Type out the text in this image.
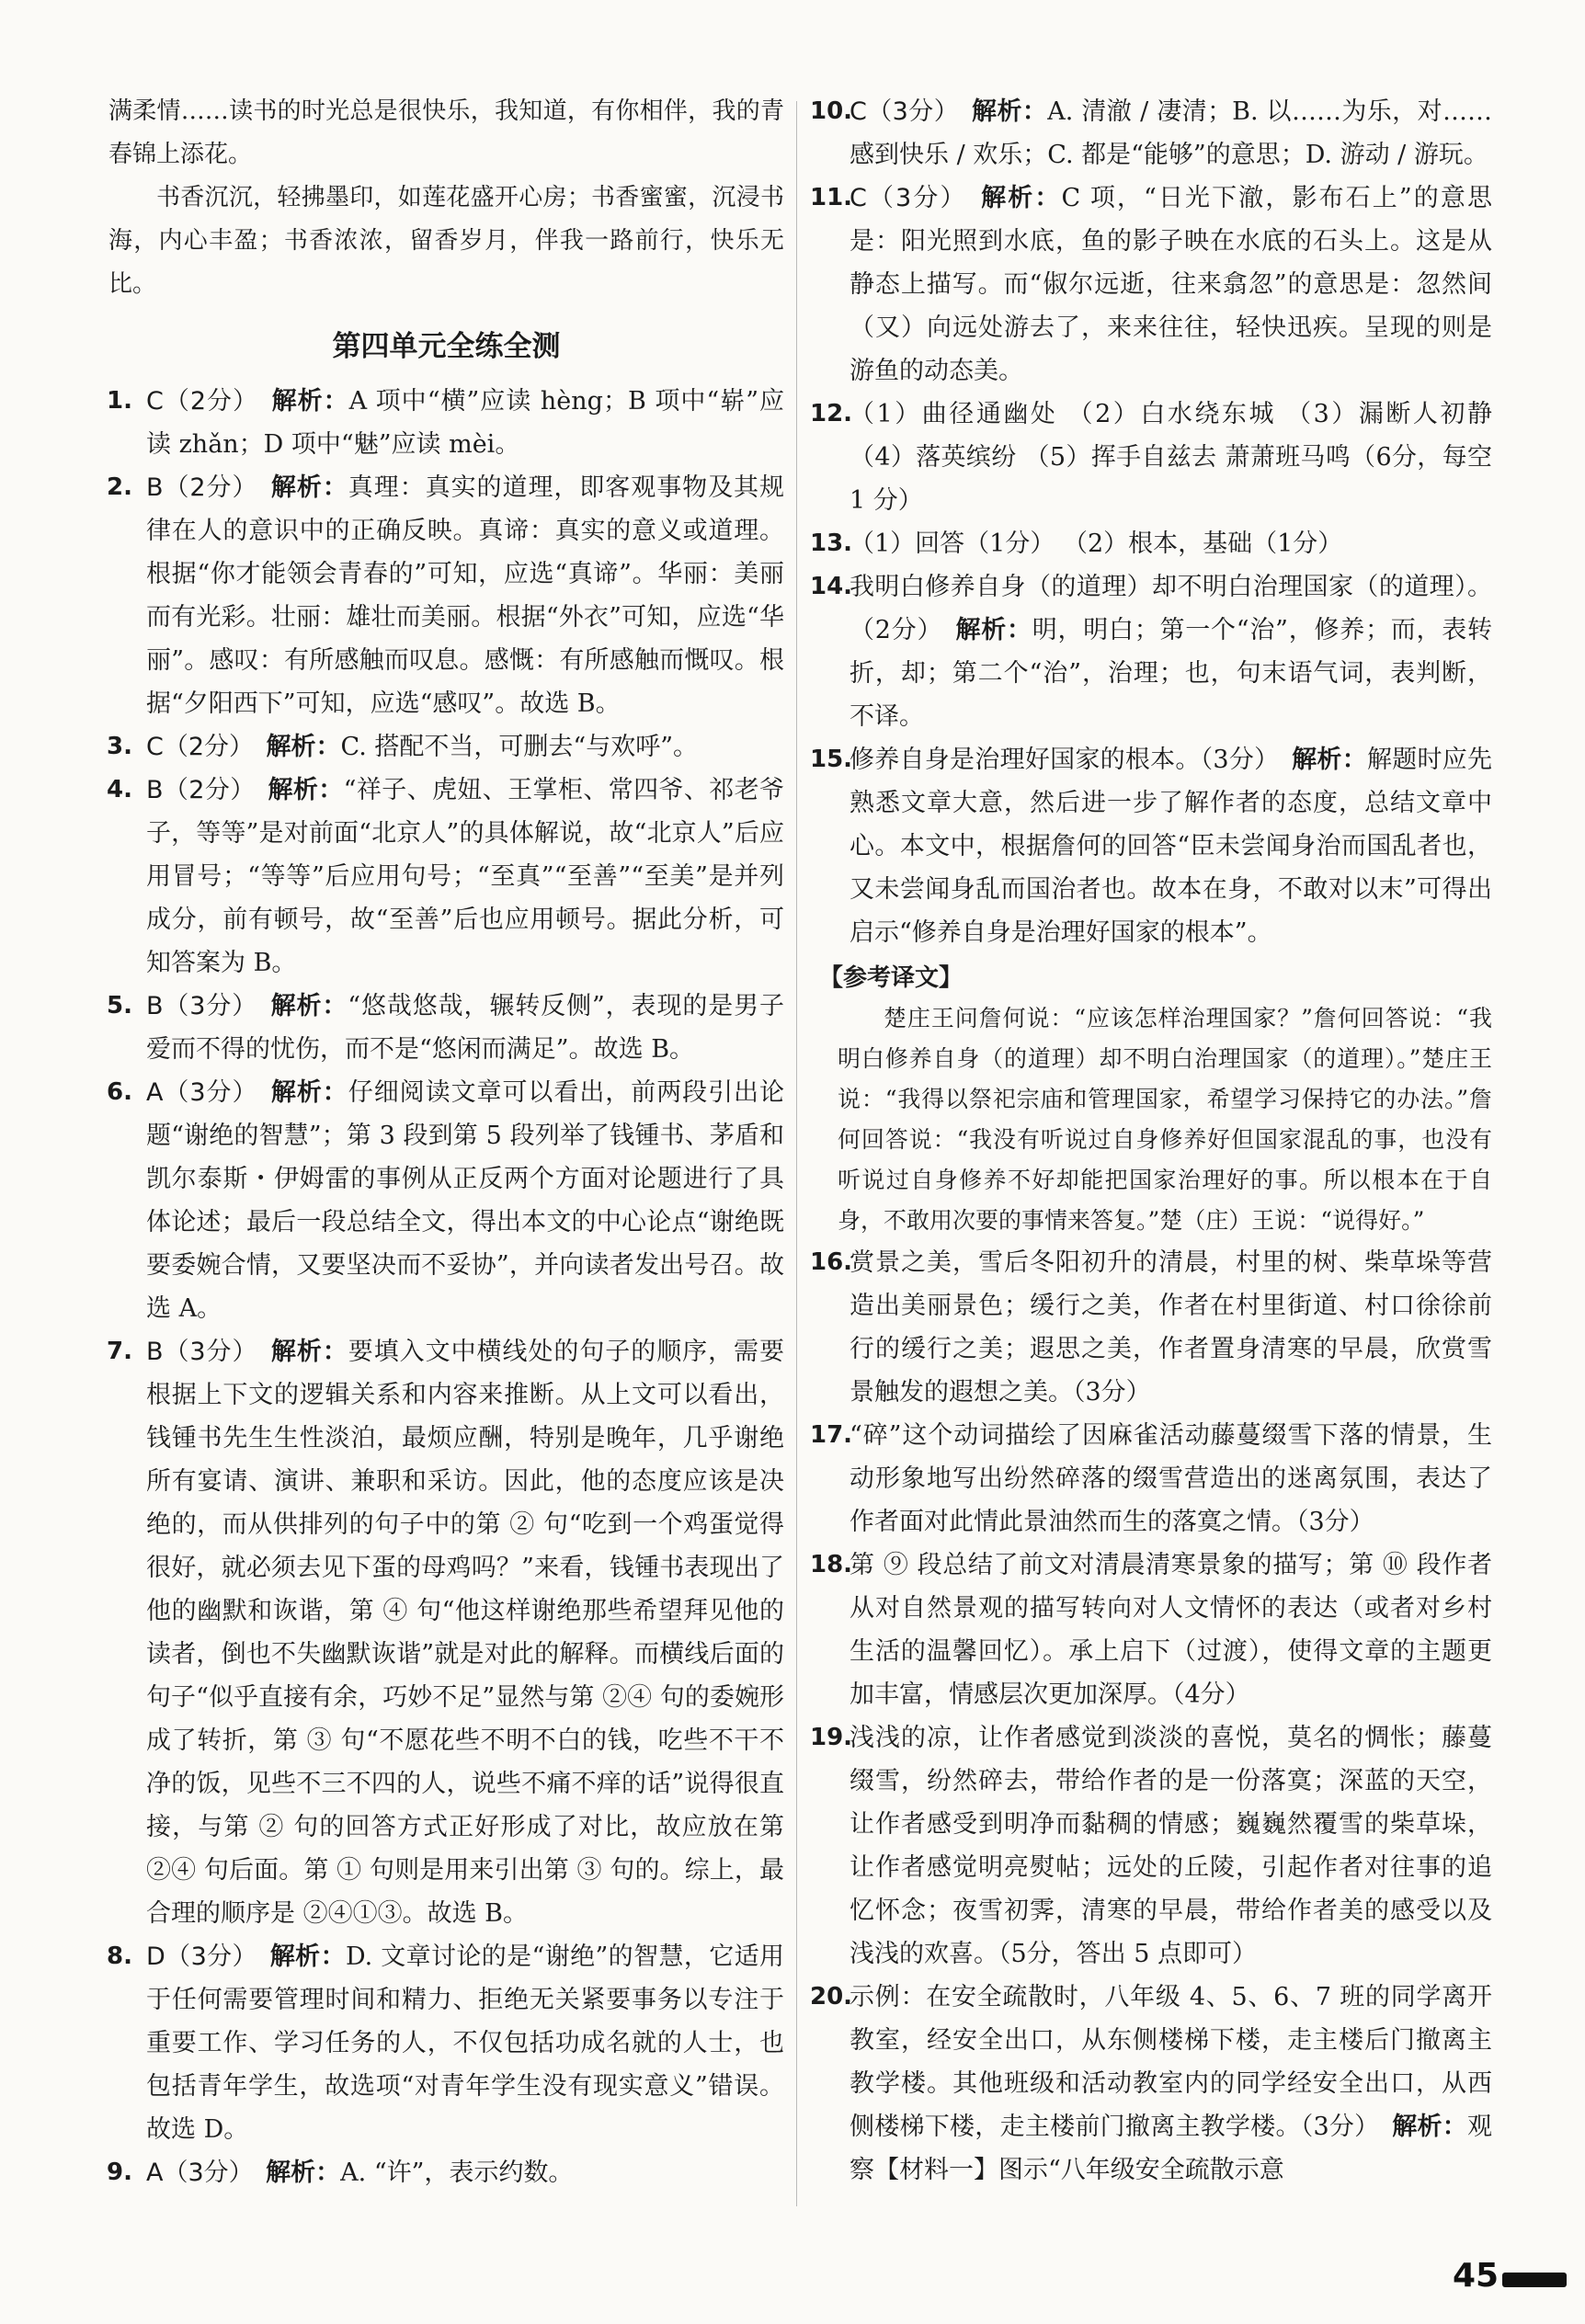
满柔情……读书的时光总是很快乐，我知道，有你相伴，我的青春锦上添花。

书香沉沉，轻拂墨印，如莲花盛开心房；书香蜜蜜，沉浸书海，内心丰盈；书香浓浓，留香岁月，伴我一路前行，快乐无比。

第四单元全练全测

1. C（2分）  解析：A 项中“横”应读 hèng；B 项中“崭”应读 zhǎn；D 项中“魅”应读 mèi。

2. B（2分）  解析：真理：真实的道理，即客观事物及其规律在人的意识中的正确反映。真谛：真实的意义或道理。根据“你才能领会青春的”可知，应选“真谛”。华丽：美丽而有光彩。壮丽：雄壮而美丽。根据“外衣”可知，应选“华丽”。感叹：有所感触而叹息。感慨：有所感触而慨叹。根据“夕阳西下”可知，应选“感叹”。故选 B。

3. C（2分）  解析：C. 搭配不当，可删去“与欢呼”。

4. B（2分）  解析：“祥子、虎妞、王掌柜、常四爷、祁老爷子，等等”是对前面“北京人”的具体解说，故“北京人”后应用冒号；“等等”后应用句号；“至真”“至善”“至美”是并列成分，前有顿号，故“至善”后也应用顿号。据此分析，可知答案为 B。

5. B（3分）  解析：“悠哉悠哉，辗转反侧”，表现的是男子爱而不得的忧伤，而不是“悠闲而满足”。故选 B。

6. A（3分）  解析：仔细阅读文章可以看出，前两段引出论题“谢绝的智慧”；第 3 段到第 5 段列举了钱锺书、茅盾和凯尔泰斯・伊姆雷的事例从正反两个方面对论题进行了具体论述；最后一段总结全文，得出本文的中心论点“谢绝既要委婉合情，又要坚决而不妥协”，并向读者发出号召。故选 A。

7. B（3分）  解析：要填入文中横线处的句子的顺序，需要根据上下文的逻辑关系和内容来推断。从上文可以看出，钱锺书先生生性淡泊，最烦应酬，特别是晚年，几乎谢绝所有宴请、演讲、兼职和采访。因此，他的态度应该是决绝的，而从供排列的句子中的第 ② 句“吃到一个鸡蛋觉得很好，就必须去见下蛋的母鸡吗？”来看，钱锺书表现出了他的幽默和诙谐，第 ④ 句“他这样谢绝那些希望拜见他的读者，倒也不失幽默诙谐”就是对此的解释。而横线后面的句子“似乎直接有余，巧妙不足”显然与第 ②④ 句的委婉形成了转折，第 ③ 句“不愿花些不明不白的钱，吃些不干不净的饭，见些不三不四的人，说些不痛不痒的话”说得很直接，与第 ② 句的回答方式正好形成了对比，故应放在第 ②④ 句后面。第 ① 句则是用来引出第 ③ 句的。综上，最合理的顺序是 ②④①③。故选 B。

8. D（3分）  解析：D. 文章讨论的是“谢绝”的智慧，它适用于任何需要管理时间和精力、拒绝无关紧要事务以专注于重要工作、学习任务的人，不仅包括功成名就的人士，也包括青年学生，故选项“对青年学生没有现实意义”错误。故选 D。

9. A（3分）  解析：A. “许”，表示约数。

10.
C（3分）  解析：A. 清澈 / 凄清；B. 以……为乐，对……感到快乐 / 欢乐；C. 都是“能够”的意思；D. 游动 / 游玩。

11.
C（3分）  解析：C 项，“日光下澈，影布石上”的意思是：阳光照到水底，鱼的影子映在水底的石头上。这是从静态上描写。而“俶尔远逝，往来翕忽”的意思是：忽然间（又）向远处游去了，来来往往，轻快迅疾。呈现的则是游鱼的动态美。

12.
（1）曲径通幽处 （2）白水绕东城 （3）漏断人初静 （4）落英缤纷 （5）挥手自兹去 萧萧班马鸣（6分，每空 1 分）

13.
（1）回答（1分） （2）根本，基础（1分）

14.
我明白修养自身（的道理）却不明白治理国家（的道理）。（2分）  解析：明，明白；第一个“治”，修养；而，表转折，却；第二个“治”，治理；也，句末语气词，表判断，不译。

15.
修养自身是治理好国家的根本。（3分）  解析：解题时应先熟悉文章大意，然后进一步了解作者的态度，总结文章中心。本文中，根据詹何的回答“臣未尝闻身治而国乱者也，又未尝闻身乱而国治者也。故本在身，不敢对以末”可得出启示“修养自身是治理好国家的根本”。

【参考译文】

楚庄王问詹何说：“应该怎样治理国家？”詹何回答说：“我明白修养自身（的道理）却不明白治理国家（的道理）。”楚庄王说：“我得以祭祀宗庙和管理国家，希望学习保持它的办法。”詹何回答说：“我没有听说过自身修养好但国家混乱的事，也没有听说过自身修养不好却能把国家治理好的事。所以根本在于自身，不敢用次要的事情来答复。”楚（庄）王说：“说得好。”

16.
赏景之美，雪后冬阳初升的清晨，村里的树、柴草垛等营造出美丽景色；缓行之美，作者在村里街道、村口徐徐前行的缓行之美；遐思之美，作者置身清寒的早晨，欣赏雪景触发的遐想之美。（3分）

17.
“碎”这个动词描绘了因麻雀活动藤蔓缀雪下落的情景，生动形象地写出纷然碎落的缀雪营造出的迷离氛围，表达了作者面对此情此景油然而生的落寞之情。（3分）

18.
第 ⑨ 段总结了前文对清晨清寒景象的描写；第 ⑩ 段作者从对自然景观的描写转向对人文情怀的表达（或者对乡村生活的温馨回忆）。承上启下（过渡），使得文章的主题更加丰富，情感层次更加深厚。（4分）

19.
浅浅的凉，让作者感觉到淡淡的喜悦，莫名的惆怅；藤蔓缀雪，纷然碎去，带给作者的是一份落寞；深蓝的天空，让作者感受到明净而黏稠的情感；巍巍然覆雪的柴草垛，让作者感觉明亮熨帖；远处的丘陵，引起作者对往事的追忆怀念；夜雪初霁，清寒的早晨，带给作者美的感受以及浅浅的欢喜。（5分，答出 5 点即可）

20.
示例：在安全疏散时，八年级 4、5、6、7 班的同学离开教室，经安全出口，从东侧楼梯下楼，走主楼后门撤离主教学楼。其他班级和活动教室内的同学经安全出口，从西侧楼梯下楼，走主楼前门撤离主教学楼。（3分）  解析：观察【材料一】图示“八年级安全疏散示意

45
